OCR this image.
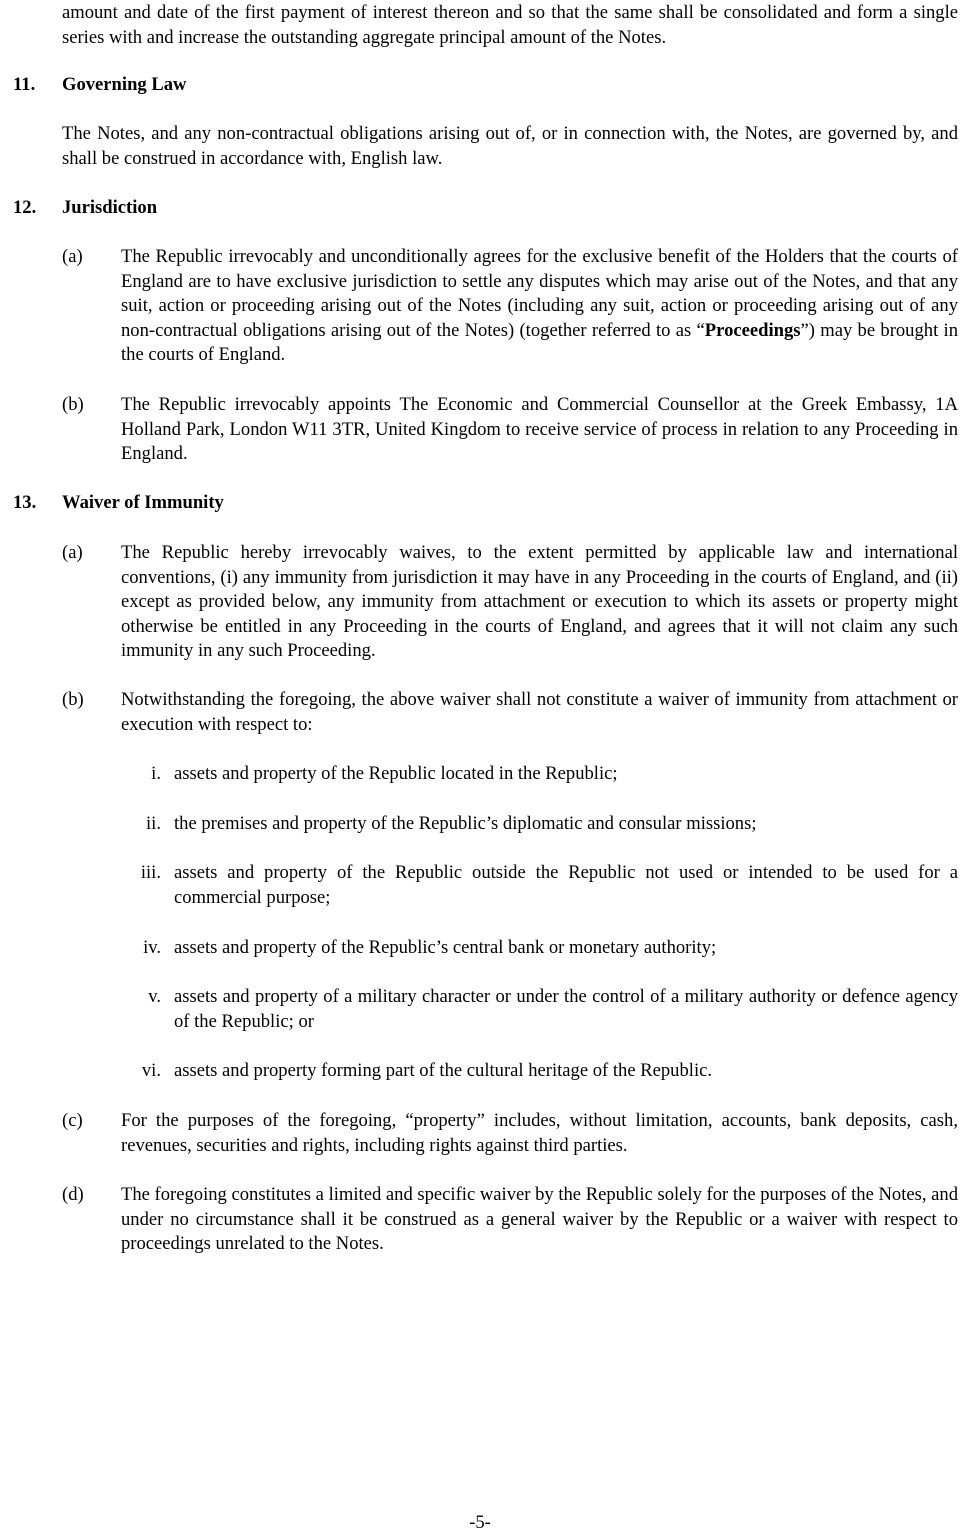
amount and date of the first payment of interest thereon and so that the same shall be consolidated and form a single series with and increase the outstanding aggregate principal amount of the Notes.

11. Governing Law

The Notes, and any non-contractual obligations arising out of, or in connection with, the Notes, are governed by, and shall be construed in accordance with, English law.

12. Jurisdiction
(a) The Republic irrevocably and unconditionally agrees for the exclusive benefit of the Holders that the courts of England are to have exclusive jurisdiction to settle any disputes which may arise out of the Notes, and that any suit, action or proceeding arising out of the Notes (including any suit, action or proceeding arising out of any non-contractual obligations arising out of the Notes) (together referred to as “Proceedings”) may be brought in the courts of England.
(b) The Republic irrevocably appoints The Economic and Commercial Counsellor at the Greek Embassy, 1A Holland Park, London W11 3TR, United Kingdom to receive service of process in relation to any Proceeding in England.
13. Waiver of Immunity
(a) The Republic hereby irrevocably waives, to the extent permitted by applicable law and international conventions, (i) any immunity from jurisdiction it may have in any Proceeding in the courts of England, and (ii) except as provided below, any immunity from attachment or execution to which its assets or property might otherwise be entitled in any Proceeding in the courts of England, and agrees that it will not claim any such immunity in any such Proceeding.
(b) Notwithstanding the foregoing, the above waiver shall not constitute a waiver of immunity from attachment or execution with respect to:
i. assets and property of the Republic located in the Republic;
ii. the premises and property of the Republic’s diplomatic and consular missions;
iii. assets and property of the Republic outside the Republic not used or intended to be used for a commercial purpose;
iv. assets and property of the Republic’s central bank or monetary authority;
v. assets and property of a military character or under the control of a military authority or defence agency of the Republic; or
vi. assets and property forming part of the cultural heritage of the Republic.
(c) For the purposes of the foregoing, “property” includes, without limitation, accounts, bank deposits, cash, revenues, securities and rights, including rights against third parties.
(d) The foregoing constitutes a limited and specific waiver by the Republic solely for the purposes of the Notes, and under no circumstance shall it be construed as a general waiver by the Republic or a waiver with respect to proceedings unrelated to the Notes.
-5-
